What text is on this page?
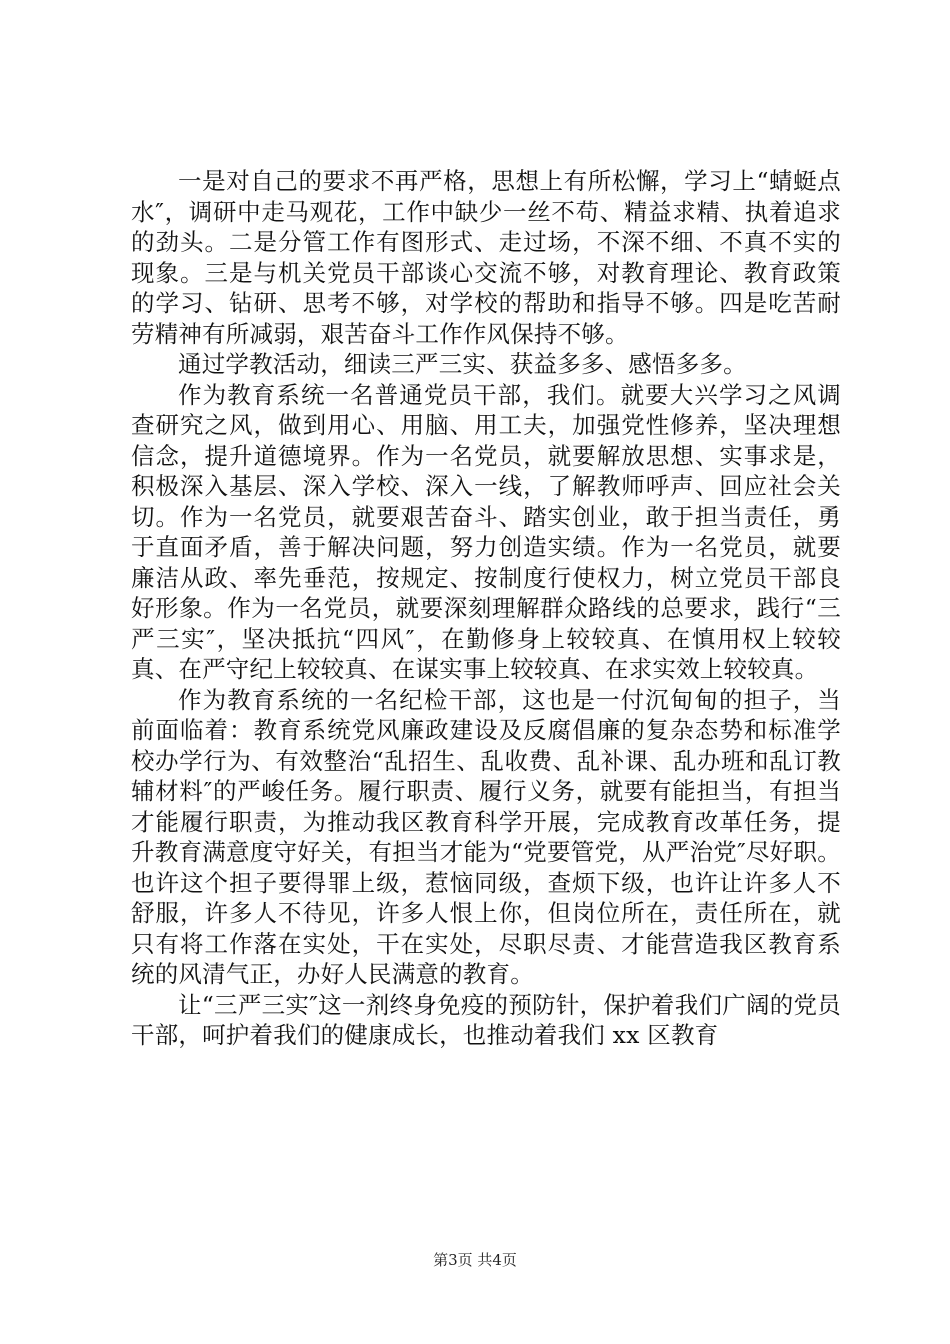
一是对自己的要求不再严格，思想上有所松懈，学习上“蜻蜓点水″，调研中走马观花，工作中缺少一丝不苟、精益求精、执着追求的劲头。二是分管工作有图形式、走过场，不深不细、不真不实的现象。三是与机关党员干部谈心交流不够，对教育理论、教育政策的学习、钻研、思考不够，对学校的帮助和指导不够。四是吃苦耐劳精神有所减弱，艰苦奋斗工作作风保持不够。

通过学教活动，细读三严三实、获益多多、感悟多多。

作为教育系统一名普通党员干部，我们。就要大兴学习之风调查研究之风，做到用心、用脑、用工夫，加强党性修养，坚决理想信念，提升道德境界。作为一名党员，就要解放思想、实事求是，积极深入基层、深入学校、深入一线，了解教师呼声、回应社会关切。作为一名党员，就要艰苦奋斗、踏实创业，敢于担当责任，勇于直面矛盾，善于解决问题，努力创造实绩。作为一名党员，就要廉洁从政、率先垂范，按规定、按制度行使权力，树立党员干部良好形象。作为一名党员，就要深刻理解群众路线的总要求，践行“三严三实″，坚决抵抗“四风″，在勤修身上较较真、在慎用权上较较真、在严守纪上较较真、在谋实事上较较真、在求实效上较较真。

作为教育系统的一名纪检干部，这也是一付沉甸甸的担子，当前面临着：教育系统党风廉政建设及反腐倡廉的复杂态势和标准学校办学行为、有效整治“乱招生、乱收费、乱补课、乱办班和乱订教辅材料″的严峻任务。履行职责、履行义务，就要有能担当，有担当才能履行职责，为推动我区教育科学开展，完成教育改革任务，提升教育满意度守好关，有担当才能为“党要管党，从严治党″尽好职。也许这个担子要得罪上级，惹恼同级，查烦下级，也许让许多人不舒服，许多人不待见，许多人恨上你，但岗位所在，责任所在，就只有将工作落在实处，干在实处，尽职尽责、才能营造我区教育系统的风清气正，办好人民满意的教育。

让“三严三实″这一剂终身免疫的预防针，保护着我们广阔的党员干部，呵护着我们的健康成长，也推动着我们 xx 区教育

第3页 共4页
